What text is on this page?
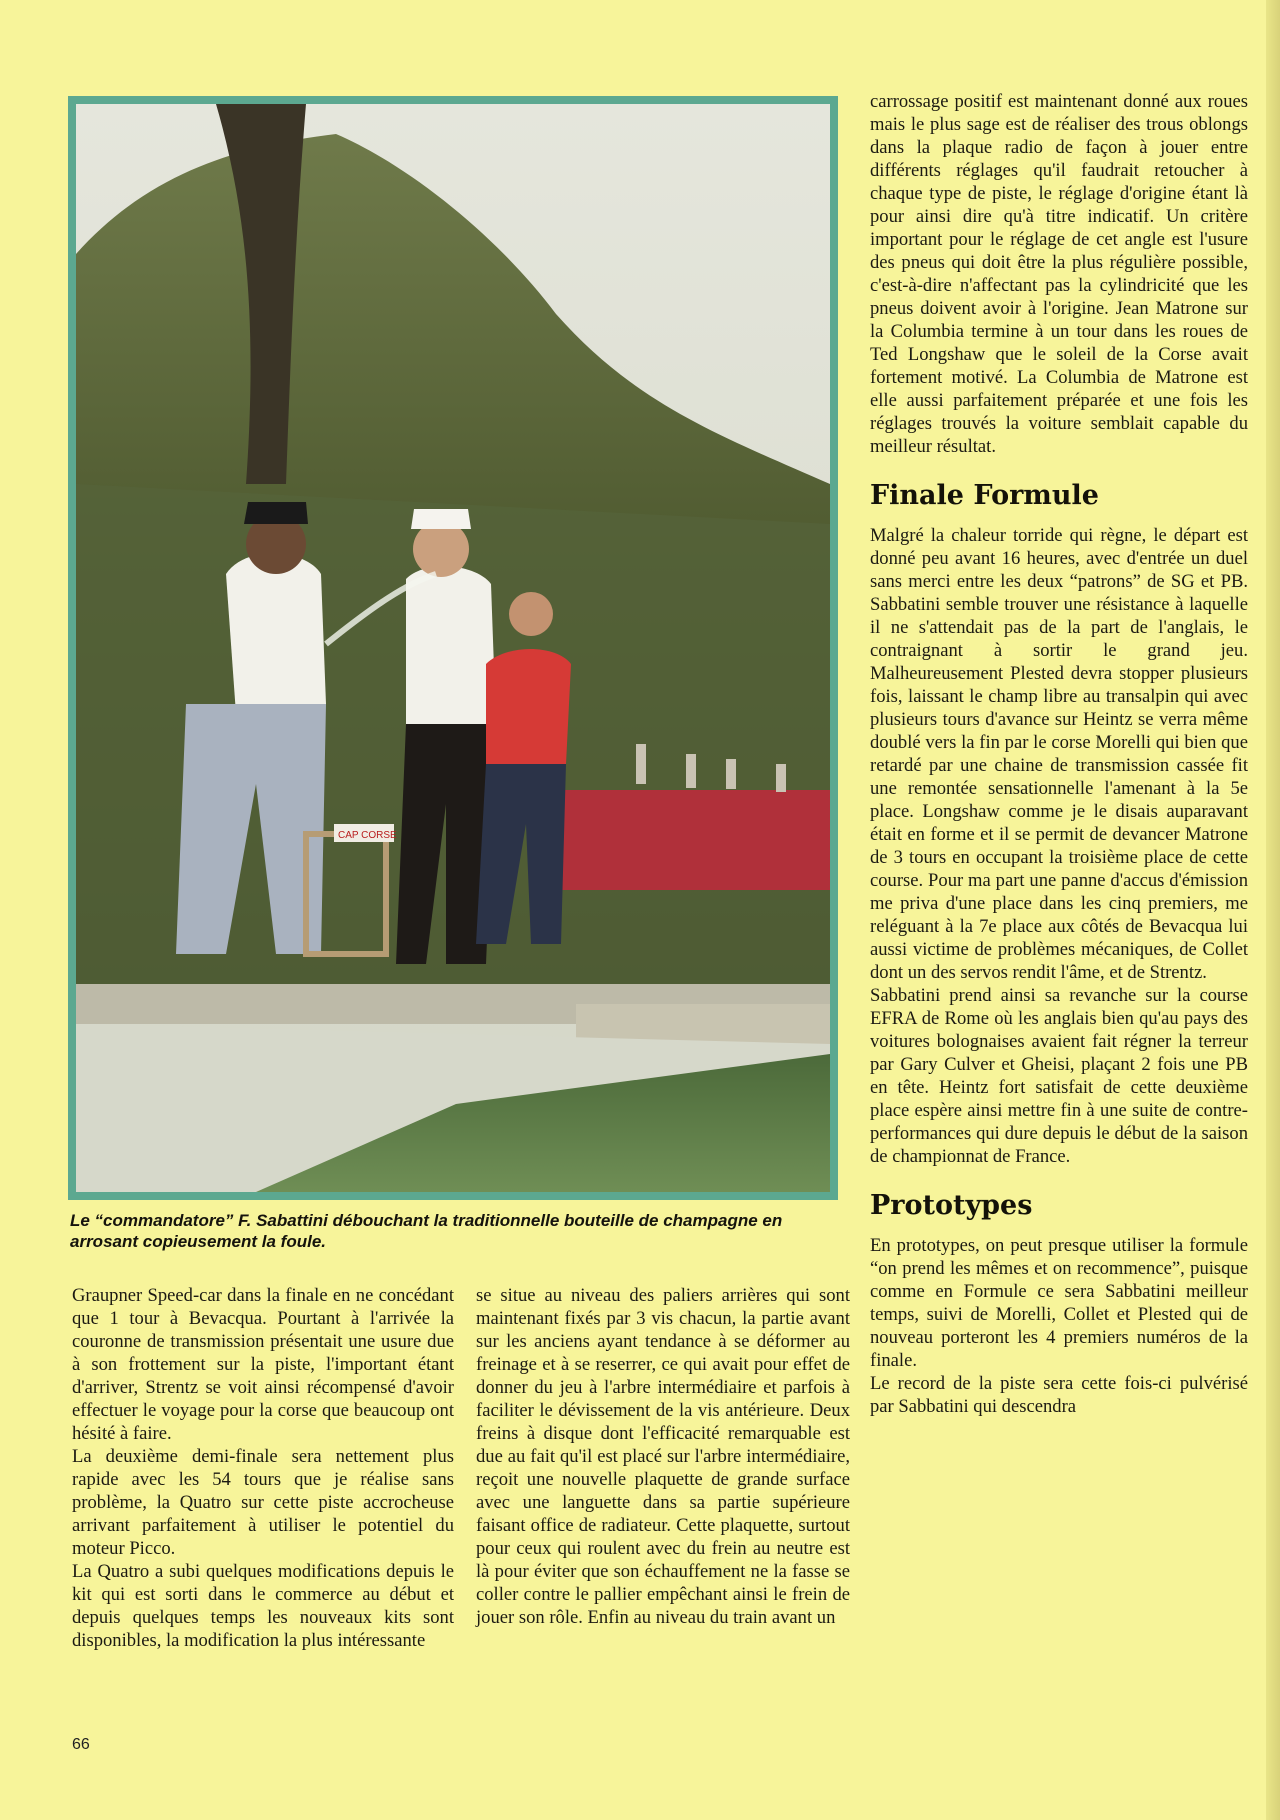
CAP CORSE
Le “commandatore” F. Sabattini débouchant la traditionnelle bouteille de champagne en arrosant copieusement la foule.

Graupner Speed-car dans la finale en ne concédant que 1 tour à Bevacqua. Pourtant à l'arrivée la couronne de transmission présentait une usure due à son frottement sur la piste, l'important étant d'arriver, Strentz se voit ainsi récompensé d'avoir effectuer le voyage pour la corse que beaucoup ont hésité à faire.

La deuxième demi-finale sera nettement plus rapide avec les 54 tours que je réalise sans problème, la Quatro sur cette piste accrocheuse arrivant parfaitement à utiliser le potentiel du moteur Picco.

La Quatro a subi quelques modifications depuis le kit qui est sorti dans le commerce au début et depuis quelques temps les nouveaux kits sont disponibles, la modification la plus intéressante

se situe au niveau des paliers arrières qui sont maintenant fixés par 3 vis chacun, la partie avant sur les anciens ayant tendance à se déformer au freinage et à se reserrer, ce qui avait pour effet de donner du jeu à l'arbre intermédiaire et parfois à faciliter le dévissement de la vis antérieure. Deux freins à disque dont l'efficacité remarquable est due au fait qu'il est placé sur l'arbre intermédiaire, reçoit une nouvelle plaquette de grande surface avec une languette dans sa partie supérieure faisant office de radiateur. Cette plaquette, surtout pour ceux qui roulent avec du frein au neutre est là pour éviter que son échauffement ne la fasse se coller contre le pallier empêchant ainsi le frein de jouer son rôle. Enfin au niveau du train avant un

carrossage positif est maintenant donné aux roues mais le plus sage est de réaliser des trous oblongs dans la plaque radio de façon à jouer entre différents réglages qu'il faudrait retoucher à chaque type de piste, le réglage d'origine étant là pour ainsi dire qu'à titre indicatif. Un critère important pour le réglage de cet angle est l'usure des pneus qui doit être la plus régulière possible, c'est-à-dire n'affectant pas la cylindricité que les pneus doivent avoir à l'origine. Jean Matrone sur la Columbia termine à un tour dans les roues de Ted Longshaw que le soleil de la Corse avait fortement motivé. La Columbia de Matrone est elle aussi parfaitement préparée et une fois les réglages trouvés la voiture semblait capable du meilleur résultat.

Finale Formule

Malgré la chaleur torride qui règne, le départ est donné peu avant 16 heures, avec d'entrée un duel sans merci entre les deux “patrons” de SG et PB. Sabbatini semble trouver une résistance à laquelle il ne s'attendait pas de la part de l'anglais, le contraignant à sortir le grand jeu. Malheureusement Plested devra stopper plusieurs fois, laissant le champ libre au transalpin qui avec plusieurs tours d'avance sur Heintz se verra même doublé vers la fin par le corse Morelli qui bien que retardé par une chaine de transmission cassée fit une remontée sensationnelle l'amenant à la 5e place. Longshaw comme je le disais auparavant était en forme et il se permit de devancer Matrone de 3 tours en occupant la troisième place de cette course. Pour ma part une panne d'accus d'émission me priva d'une place dans les cinq premiers, me reléguant à la 7e place aux côtés de Bevacqua lui aussi victime de problèmes mécaniques, de Collet dont un des servos rendit l'âme, et de Strentz.

Sabbatini prend ainsi sa revanche sur la course EFRA de Rome où les anglais bien qu'au pays des voitures bolognaises avaient fait régner la terreur par Gary Culver et Gheisi, plaçant 2 fois une PB en tête. Heintz fort satisfait de cette deuxième place espère ainsi mettre fin à une suite de contre-performances qui dure depuis le début de la saison de championnat de France.

Prototypes

En prototypes, on peut presque utiliser la formule “on prend les mêmes et on recommence”, puisque comme en Formule ce sera Sabbatini meilleur temps, suivi de Morelli, Collet et Plested qui de nouveau porteront les 4 premiers numéros de la finale.

Le record de la piste sera cette fois-ci pulvérisé par Sabbatini qui descendra

66
